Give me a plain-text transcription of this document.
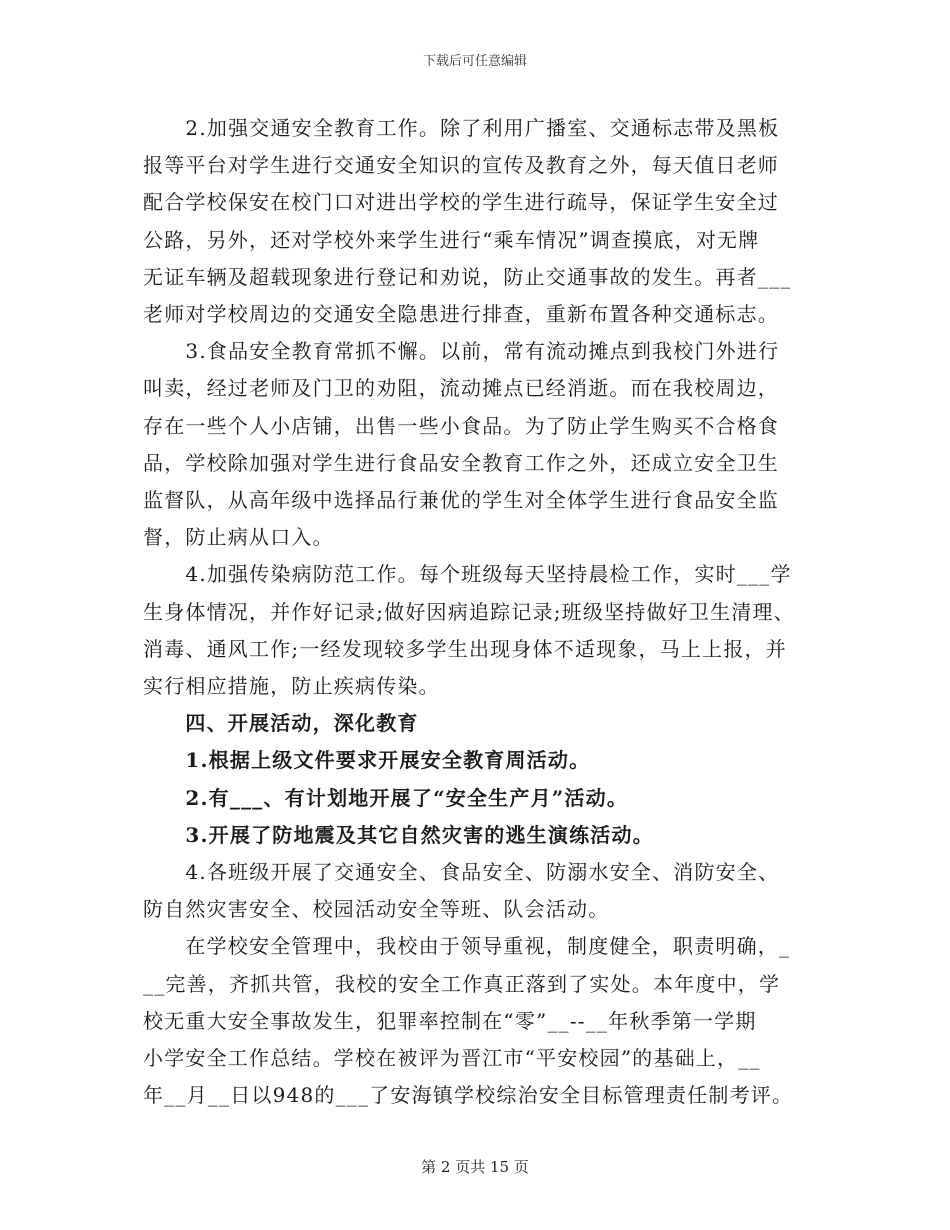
下载后可任意编辑
　　2.加强交通安全教育工作。除了利用广播室、交通标志带及黑板
报等平台对学生进行交通安全知识的宣传及教育之外，每天值日老师
配合学校保安在校门口对进出学校的学生进行疏导，保证学生安全过
公路，另外，还对学校外来学生进行“乘车情况”调查摸底，对无牌
无证车辆及超载现象进行登记和劝说，防止交通事故的发生。再者___
老师对学校周边的交通安全隐患进行排查，重新布置各种交通标志。
　　3.食品安全教育常抓不懈。以前，常有流动摊点到我校门外进行
叫卖，经过老师及门卫的劝阻，流动摊点已经消逝。而在我校周边，
存在一些个人小店铺，出售一些小食品。为了防止学生购买不合格食
品，学校除加强对学生进行食品安全教育工作之外，还成立安全卫生
监督队，从高年级中选择品行兼优的学生对全体学生进行食品安全监
督，防止病从口入。
　　4.加强传染病防范工作。每个班级每天坚持晨检工作，实时___学
生身体情况，并作好记录;做好因病追踪记录;班级坚持做好卫生清理、
消毒、通风工作;一经发现较多学生出现身体不适现象，马上上报，并
实行相应措施，防止疾病传染。
　　四、开展活动，深化教育
　　1.根据上级文件要求开展安全教育周活动。
　　2.有___、有计划地开展了“安全生产月”活动。
　　3.开展了防地震及其它自然灾害的逃生演练活动。
　　4.各班级开展了交通安全、食品安全、防溺水安全、消防安全、
防自然灾害安全、校园活动安全等班、队会活动。
　　在学校安全管理中，我校由于领导重视，制度健全，职责明确，_
__完善，齐抓共管，我校的安全工作真正落到了实处。本年度中，学
校无重大安全事故发生，犯罪率控制在“零”__--__年秋季第一学期
小学安全工作总结。学校在被评为晋江市“平安校园”的基础上，__
年__月__日以948的___了安海镇学校综治安全目标管理责任制考评。
第 2 页共 15 页
